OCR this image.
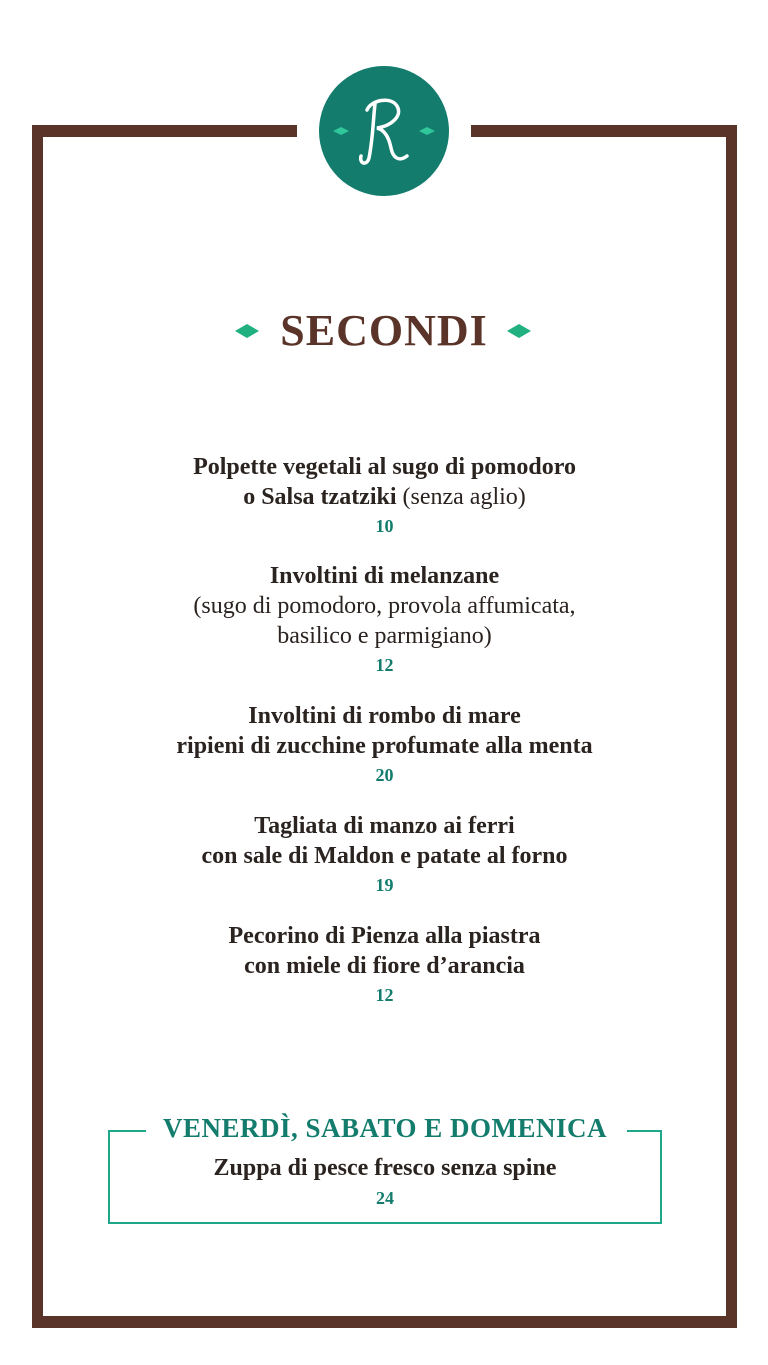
SECONDI
Polpette vegetali al sugo di pomodoro
o Salsa tzatziki (senza aglio)
10
Involtini di melanzane
(sugo di pomodoro, provola affumicata,
basilico e parmigiano)
12
Involtini di rombo di mare
ripieni di zucchine profumate alla menta
20
Tagliata di manzo ai ferri
con sale di Maldon e patate al forno
19
Pecorino di Pienza alla piastra
con miele di fiore d’arancia
12
VENERDÌ, SABATO E DOMENICA
Zuppa di pesce fresco senza spine
24
